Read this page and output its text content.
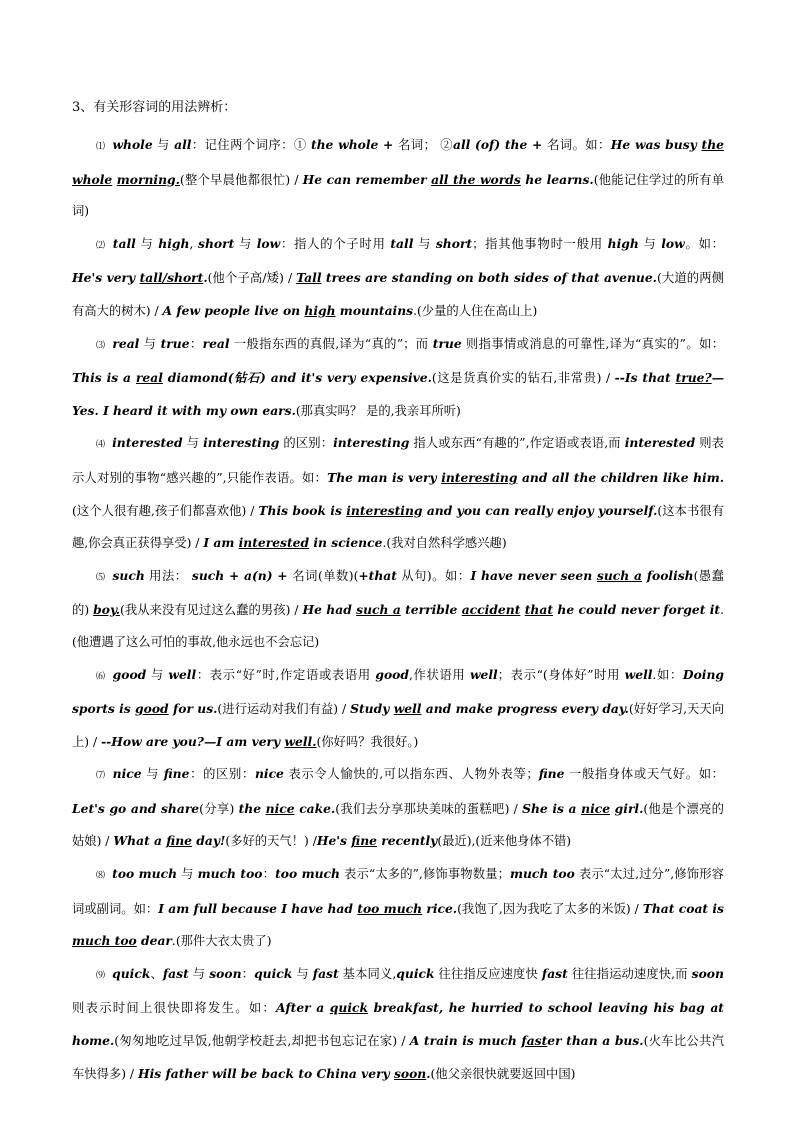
3、有关形容词的用法辨析：

⑴ whole 与 all：记住两个词序：① the whole + 名词； ②all (of) the + 名词。如：He was busy the whole morning.(整个早晨他都很忙) / He can remember all the words he learns.(他能记住学过的所有单词)

⑵ tall 与 high, short 与 low：指人的个子时用 tall 与 short；指其他事物时一般用 high 与 low。如：He's very tall/short.(他个子高/矮) / Tall trees are standing on both sides of that avenue.(大道的两侧有高大的树木) / A few people live on high mountains.(少量的人住在高山上)

⑶ real 与 true：real 一般指东西的真假,译为“真的”；而 true 则指事情或消息的可靠性,译为“真实的”。如：This is a real diamond(钻石) and it's very expensive.(这是货真价实的钻石,非常贵) / --Is that true?—Yes. I heard it with my own ears.(那真实吗？ 是的,我亲耳所听)

⑷ interested 与 interesting 的区别：interesting 指人或东西“有趣的”,作定语或表语,而 interested 则表示人对别的事物“感兴趣的”,只能作表语。如：The man is very interesting and all the children like him.(这个人很有趣,孩子们都喜欢他) / This book is interesting and you can really enjoy yourself.(这本书很有趣,你会真正获得享受) / I am interested in science.(我对自然科学感兴趣)

⑸ such 用法： such + a(n) + 名词(单数)(+that 从句)。如：I have never seen such a foolish(愚蠢的) boy.(我从来没有见过这么蠢的男孩) / He had such a terrible accident that he could never forget it.(他遭遇了这么可怕的事故,他永远也不会忘记)

⑹ good 与 well：表示“好”时,作定语或表语用 good,作状语用 well；表示“(身体好”时用 well.如：Doing sports is good for us.(进行运动对我们有益) / Study well and make progress every day.(好好学习,天天向上) / --How are you?—I am very well.(你好吗？我很好。)

⑺ nice 与 fine：的区别：nice 表示令人愉快的,可以指东西、人物外表等；fine 一般指身体或天气好。如：Let's go and share(分享) the nice cake.(我们去分享那块美味的蛋糕吧) / She is a nice girl.(他是个漂亮的姑娘) / What a fine day!(多好的天气！) /He's fine recently(最近),(近来他身体不错)

⑻ too much 与 much too：too much 表示“太多的”,修饰事物数量；much too 表示“太过,过分”,修饰形容词或副词。如：I am full because I have had too much rice.(我饱了,因为我吃了太多的米饭) / That coat is much too dear.(那件大衣太贵了)

⑼ quick、fast 与 soon：quick 与 fast 基本同义,quick 往往指反应速度快 fast 往往指运动速度快,而 soon 则表示时间上很快即将发生。如：After a quick breakfast, he hurried to school leaving his bag at home.(匆匆地吃过早饭,他朝学校赶去,却把书包忘记在家) / A train is much faster than a bus.(火车比公共汽车快得多) / His father will be back to China very soon.(他父亲很快就要返回中国)
